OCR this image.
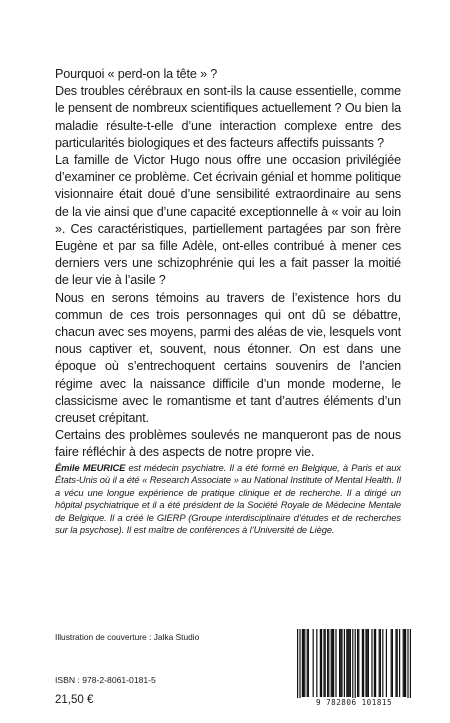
Pourquoi « perd-on la tête » ?

Des troubles cérébraux en sont-ils la cause essentielle, comme le pensent de nombreux scientifiques actuellement ? Ou bien la maladie résulte-t-elle d’une interaction complexe entre des particularités biologiques et des facteurs affectifs puissants ?

La famille de Victor Hugo nous offre une occasion privilégiée d’examiner ce problème. Cet écrivain génial et homme politique visionnaire était doué d’une sensibilité extraordinaire au sens de la vie ainsi que d’une capacité exceptionnelle à « voir au loin ». Ces caractéristiques, partiellement partagées par son frère Eugène et par sa fille Adèle, ont-elles contribué à mener ces derniers vers une schizophrénie qui les a fait passer la moitié de leur vie à l’asile ?

Nous en serons témoins au travers de l’existence hors du commun de ces trois personnages qui ont dû se débattre, chacun avec ses moyens, parmi des aléas de vie, lesquels vont nous captiver et, souvent, nous étonner. On est dans une époque où s’entrechoquent certains souvenirs de l’ancien régime avec la naissance difficile d’un monde moderne, le classicisme avec le romantisme et tant d’autres éléments d’un creuset crépitant.

Certains des problèmes soulevés ne manqueront pas de nous faire réfléchir à des aspects de notre propre vie.

Émile MEURICE est médecin psychiatre. Il a été formé en Belgique, à Paris et aux États-Unis où il a été « Research Associate » au National Institute of Mental Health. Il a vécu une longue expérience de pratique clinique et de recherche. Il a dirigé un hôpital psychiatrique et il a été président de la Société Royale de Médecine Mentale de Belgique. Il a créé le GIERP (Groupe interdisciplinaire d’études et de recherches sur la psychose). Il est maître de conférences à l’Université de Liège.
Illustration de couverture : Jalka Studio
ISBN : 978-2-8061-0181-5
21,50 €	9 782806 101815
